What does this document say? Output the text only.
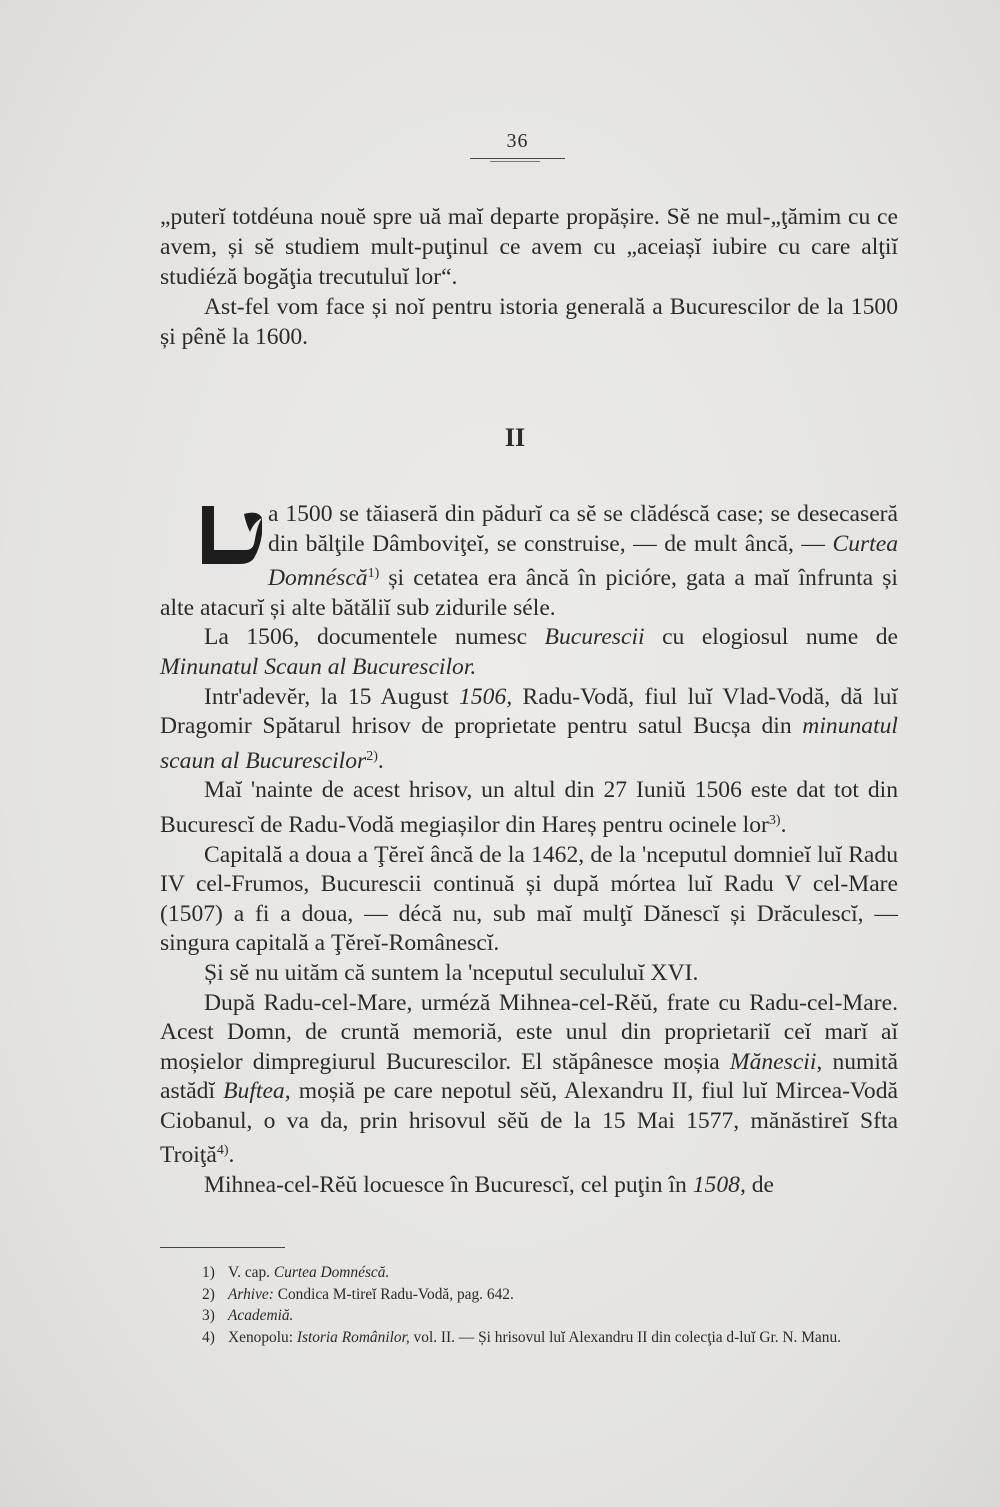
36

„puterĭ totdéuna nouĕ spre uă maĭ departe propășire. Sĕ ne mul-„ţămim cu ce avem, și sĕ studiem mult-puţinul ce avem cu „aceiașĭ iubire cu care alţiĭ studiéză bogăţia trecutuluĭ lor“.

Ast-fel vom face și noĭ pentru istoria generală a Bucurescilor de la 1500 și pênĕ la 1600.

II

a 1500 se tăiaseră din pădurĭ ca sĕ se clădéscă case; se desecaseră din bălţile Dâmboviţeĭ, se construise, — de mult âncă, — Curtea Domnéscă$^{1)}$ și cetatea era âncă în picióre, gata a maĭ înfrunta și alte atacurĭ și alte bătăliĭ sub zidurile séle.

La 1506, documentele numesc Bucurescii cu elogiosul nume de Minunatul Scaun al Bucurescilor.

Intr'adevĕr, la 15 August 1506, Radu-Vodă, fiul luĭ Vlad-Vodă, dă luĭ Dragomir Spătarul hrisov de proprietate pentru satul Bucșa din minunatul scaun al Bucurescilor$^{2)}$.

Maĭ 'nainte de acest hrisov, un altul din 27 Iuniŭ 1506 este dat tot din Bucurescĭ de Radu-Vodă megiașilor din Hareș pentru ocinele lor$^{3)}$.

Capitală a doua a Ţĕreĭ âncă de la 1462, de la 'nceputul domnieĭ luĭ Radu IV cel-Frumos, Bucurescii continuă și după mórtea luĭ Radu V cel-Mare (1507) a fi a doua, — décă nu, sub maĭ mulţĭ Dănescĭ și Drăculescĭ, — singura capitală a Ţĕreĭ-Românescĭ.

Și sĕ nu uităm că suntem la 'nceputul secululuĭ XVI.

După Radu-cel-Mare, urméză Mihnea-cel-Rĕŭ, frate cu Radu-cel-Mare. Acest Domn, de cruntă memoriă, este unul din proprietariĭ ceĭ marĭ aĭ moșielor dimpregiurul Bucurescilor. El stăpânesce moșia Mănescii, numită astădĭ Buftea, moșiă pe care nepotul sĕŭ, Alexandru II, fiul luĭ Mircea-Vodă Ciobanul, o va da, prin hrisovul sĕŭ de la 15 Mai 1577, mănăstireĭ Sfta Troiţă$^{4)}$.

Mihnea-cel-Rĕŭ locuesce în Bucurescĭ, cel puţin în 1508, de

1) V. cap. Curtea Domnéscă.

2) Arhive: Condica M-tireĭ Radu-Vodă, pag. 642.

3) Academiă.

4) Xenopolu: Istoria Românilor, vol. II. — Și hrisovul luĭ Alexandru II din colecţia d-luĭ Gr. N. Manu.
